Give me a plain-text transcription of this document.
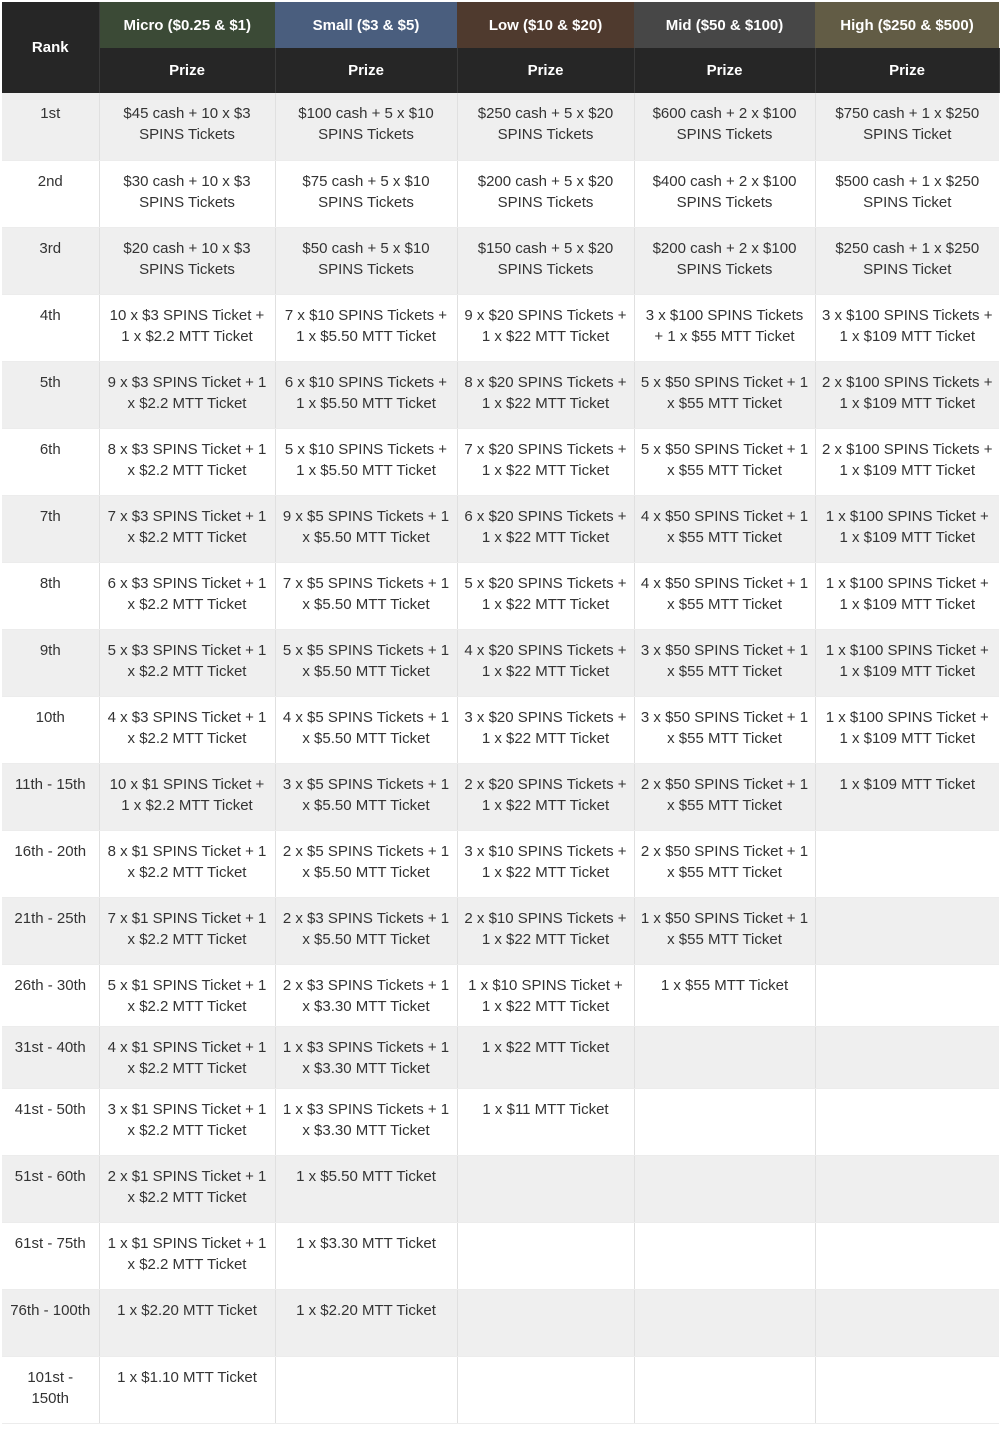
Rank	Micro ($0.25 & $1)	Small ($3 & $5)	Low ($10 & $20)	Mid ($50 & $100)	High ($250 & $500)
	Prize	Prize	Prize	Prize	Prize
1st	$45 cash + 10 x $3 SPINS Tickets	$100 cash + 5 x $10 SPINS Tickets	$250 cash + 5 x $20 SPINS Tickets	$600 cash + 2 x $100 SPINS Tickets	$750 cash + 1 x $250 SPINS Ticket
2nd	$30 cash + 10 x $3 SPINS Tickets	$75 cash + 5 x $10 SPINS Tickets	$200 cash + 5 x $20 SPINS Tickets	$400 cash + 2 x $100 SPINS Tickets	$500 cash + 1 x $250 SPINS Ticket
3rd	$20 cash + 10 x $3 SPINS Tickets	$50 cash + 5 x $10 SPINS Tickets	$150 cash + 5 x $20 SPINS Tickets	$200 cash + 2 x $100 SPINS Tickets	$250 cash + 1 x $250 SPINS Ticket
4th	10 x $3 SPINS Ticket + 1 x $2.2 MTT Ticket	7 x $10 SPINS Tickets + 1 x $5.50 MTT Ticket	9 x $20 SPINS Tickets + 1 x $22 MTT Ticket	3 x $100 SPINS Tickets + 1 x $55 MTT Ticket	3 x $100 SPINS Tickets + 1 x $109 MTT Ticket
5th	9 x $3 SPINS Ticket + 1 x $2.2 MTT Ticket	6 x $10 SPINS Tickets + 1 x $5.50 MTT Ticket	8 x $20 SPINS Tickets + 1 x $22 MTT Ticket	5 x $50 SPINS Ticket + 1 x $55 MTT Ticket	2 x $100 SPINS Tickets + 1 x $109 MTT Ticket
6th	8 x $3 SPINS Ticket + 1 x $2.2 MTT Ticket	5 x $10 SPINS Tickets + 1 x $5.50 MTT Ticket	7 x $20 SPINS Tickets + 1 x $22 MTT Ticket	5 x $50 SPINS Ticket + 1 x $55 MTT Ticket	2 x $100 SPINS Tickets + 1 x $109 MTT Ticket
7th	7 x $3 SPINS Ticket + 1 x $2.2 MTT Ticket	9 x $5 SPINS Tickets + 1 x $5.50 MTT Ticket	6 x $20 SPINS Tickets + 1 x $22 MTT Ticket	4 x $50 SPINS Ticket + 1 x $55 MTT Ticket	1 x $100 SPINS Ticket + 1 x $109 MTT Ticket
8th	6 x $3 SPINS Ticket + 1 x $2.2 MTT Ticket	7 x $5 SPINS Tickets + 1 x $5.50 MTT Ticket	5 x $20 SPINS Tickets + 1 x $22 MTT Ticket	4 x $50 SPINS Ticket + 1 x $55 MTT Ticket	1 x $100 SPINS Ticket + 1 x $109 MTT Ticket
9th	5 x $3 SPINS Ticket + 1 x $2.2 MTT Ticket	5 x $5 SPINS Tickets + 1 x $5.50 MTT Ticket	4 x $20 SPINS Tickets + 1 x $22 MTT Ticket	3 x $50 SPINS Ticket + 1 x $55 MTT Ticket	1 x $100 SPINS Ticket + 1 x $109 MTT Ticket
10th	4 x $3 SPINS Ticket + 1 x $2.2 MTT Ticket	4 x $5 SPINS Tickets + 1 x $5.50 MTT Ticket	3 x $20 SPINS Tickets + 1 x $22 MTT Ticket	3 x $50 SPINS Ticket + 1 x $55 MTT Ticket	1 x $100 SPINS Ticket + 1 x $109 MTT Ticket
11th - 15th	10 x $1 SPINS Ticket + 1 x $2.2 MTT Ticket	3 x $5 SPINS Tickets + 1 x $5.50 MTT Ticket	2 x $20 SPINS Tickets + 1 x $22 MTT Ticket	2 x $50 SPINS Ticket + 1 x $55 MTT Ticket	1 x $109 MTT Ticket
16th - 20th	8 x $1 SPINS Ticket + 1 x $2.2 MTT Ticket	2 x $5 SPINS Tickets + 1 x $5.50 MTT Ticket	3 x $10 SPINS Tickets + 1 x $22 MTT Ticket	2 x $50 SPINS Ticket + 1 x $55 MTT Ticket	
21th - 25th	7 x $1 SPINS Ticket + 1 x $2.2 MTT Ticket	2 x $3 SPINS Tickets + 1 x $5.50 MTT Ticket	2 x $10 SPINS Tickets + 1 x $22 MTT Ticket	1 x $50 SPINS Ticket + 1 x $55 MTT Ticket	
26th - 30th	5 x $1 SPINS Ticket + 1 x $2.2 MTT Ticket	2 x $3 SPINS Tickets + 1 x $3.30 MTT Ticket	1 x $10 SPINS Ticket + 1 x $22 MTT Ticket	1 x $55 MTT Ticket	
31st - 40th	4 x $1 SPINS Ticket + 1 x $2.2 MTT Ticket	1 x $3 SPINS Tickets + 1 x $3.30 MTT Ticket	1 x $22 MTT Ticket		
41st - 50th	3 x $1 SPINS Ticket + 1 x $2.2 MTT Ticket	1 x $3 SPINS Tickets + 1 x $3.30 MTT Ticket	1 x $11 MTT Ticket		
51st - 60th	2 x $1 SPINS Ticket + 1 x $2.2 MTT Ticket	1 x $5.50 MTT Ticket			
61st - 75th	1 x $1 SPINS Ticket + 1 x $2.2 MTT Ticket	1 x $3.30 MTT Ticket			
76th - 100th	1 x $2.20 MTT Ticket	1 x $2.20 MTT Ticket			
101st - 150th	1 x $1.10 MTT Ticket				
